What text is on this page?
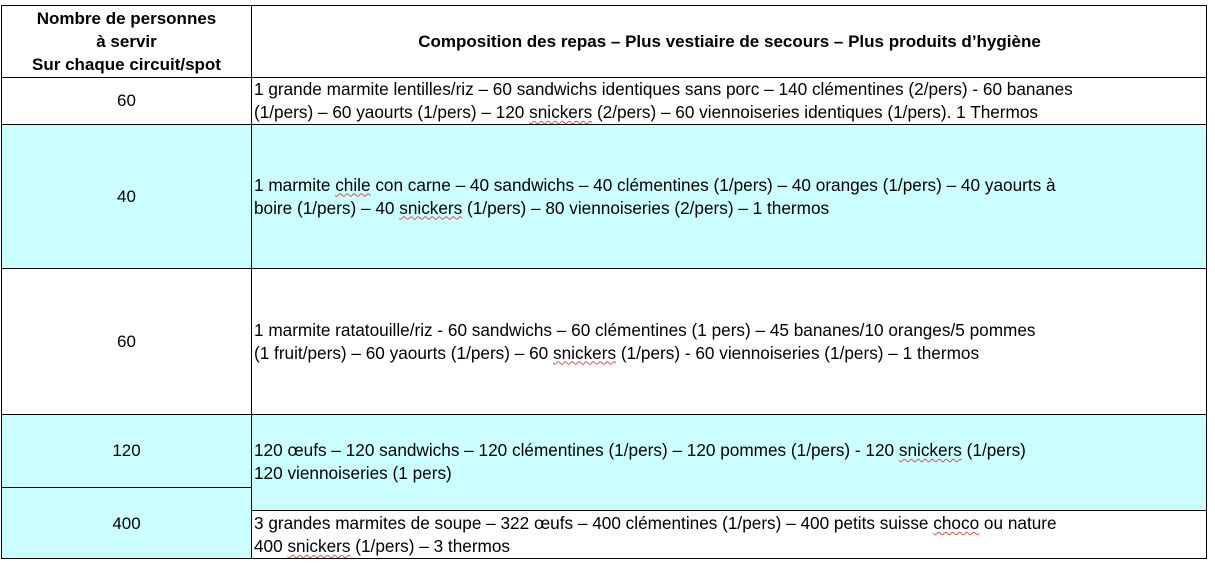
Nombre de personnes
à servir
Sur chaque circuit/spot
Composition des repas – Plus vestiaire de secours – Plus produits d’hygiène
60
1 grande marmite lentilles/riz – 60 sandwichs identiques sans porc – 140 clémentines (2/pers) - 60 bananes
(1/pers) – 60 yaourts (1/pers) – 120 snickers (2/pers) – 60 viennoiseries identiques (1/pers). 1 Thermos
40
1 marmite chile con carne – 40 sandwichs – 40 clémentines (1/pers) – 40 oranges (1/pers) – 40 yaourts à
boire (1/pers) – 40 snickers (1/pers) – 80 viennoiseries (2/pers) – 1 thermos
60
1 marmite ratatouille/riz - 60 sandwichs – 60 clémentines (1 pers) – 45 bananes/10 oranges/5 pommes
(1 fruit/pers) – 60 yaourts (1/pers) – 60 snickers (1/pers) - 60 viennoiseries (1/pers) – 1 thermos
120	120 œufs – 120 sandwichs – 120 clémentines (1/pers) – 120 pommes (1/pers) - 120 snickers (1/pers)
120 viennoiseries (1 pers)
400	3 grandes marmites de soupe – 322 œufs – 400 clémentines (1/pers) – 400 petits suisse choco ou nature
400 snickers (1/pers) – 3 thermos
